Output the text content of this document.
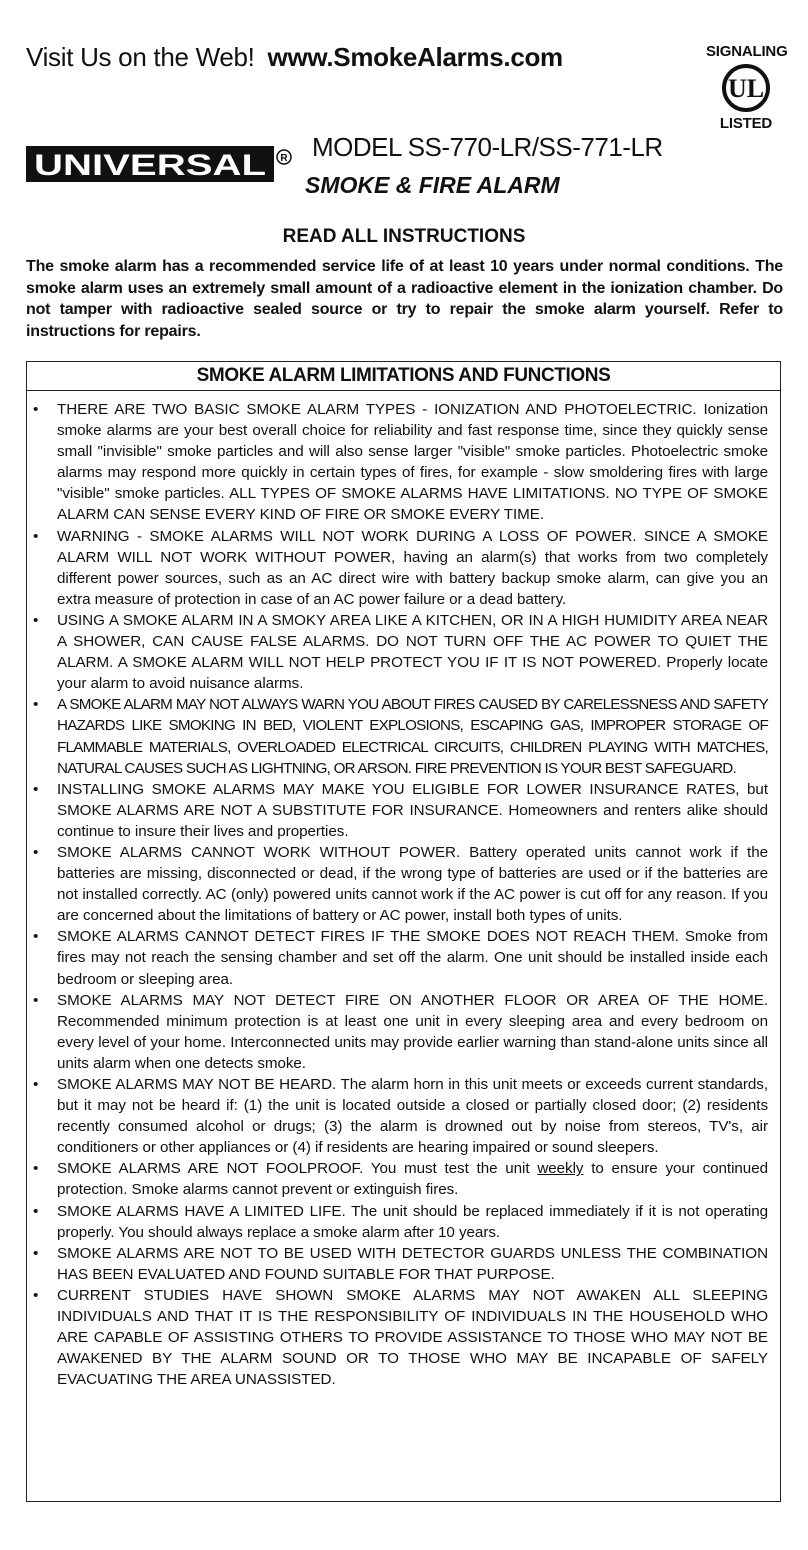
Visit Us on the Web! www.SmokeAlarms.com	SIGNALING
UL
LISTED
UNIVERSAL R MODEL SS-770-LR/SS-771-LR
SMOKE & FIRE ALARM
READ ALL INSTRUCTIONS
The smoke alarm has a recommended service life of at least 10 years under normal conditions. The smoke alarm uses an extremely small amount of a radioactive element in the ionization chamber. Do not tamper with radioactive sealed source or try to repair the smoke alarm yourself. Refer to instructions for repairs.
SMOKE ALARM LIMITATIONS AND FUNCTIONS
• THERE ARE TWO BASIC SMOKE ALARM TYPES - IONIZATION AND PHOTOELECTRIC. Ionization smoke alarms are your best overall choice for reliability and fast response time, since they quickly sense small "invisible" smoke particles and will also sense larger "visible" smoke particles. Photoelectric smoke alarms may respond more quickly in certain types of fires, for example - slow smoldering fires with large "visible" smoke particles. ALL TYPES OF SMOKE ALARMS HAVE LIMITATIONS. NO TYPE OF SMOKE ALARM CAN SENSE EVERY KIND OF FIRE OR SMOKE EVERY TIME.
• WARNING - SMOKE ALARMS WILL NOT WORK DURING A LOSS OF POWER. SINCE A SMOKE ALARM WILL NOT WORK WITHOUT POWER, having an alarm(s) that works from two completely different power sources, such as an AC direct wire with battery backup smoke alarm, can give you an extra measure of protection in case of an AC power failure or a dead battery.
• USING A SMOKE ALARM IN A SMOKY AREA LIKE A KITCHEN, OR IN A HIGH HUMIDITY AREA NEAR A SHOWER, CAN CAUSE FALSE ALARMS. DO NOT TURN OFF THE AC POWER TO QUIET THE ALARM. A SMOKE ALARM WILL NOT HELP PROTECT YOU IF IT IS NOT POWERED. Properly locate your alarm to avoid nuisance alarms.
• A SMOKE ALARM MAY NOT ALWAYS WARN YOU ABOUT FIRES CAUSED BY CARELESSNESS AND SAFETY HAZARDS LIKE SMOKING IN BED, VIOLENT EXPLOSIONS, ESCAPING GAS, IMPROPER STORAGE OF FLAMMABLE MATERIALS, OVERLOADED ELECTRICAL CIRCUITS, CHILDREN PLAYING WITH MATCHES, NATURAL CAUSES SUCH AS LIGHTNING, OR ARSON. FIRE PREVENTION IS YOUR BEST SAFEGUARD.
• INSTALLING SMOKE ALARMS MAY MAKE YOU ELIGIBLE FOR LOWER INSURANCE RATES, but SMOKE ALARMS ARE NOT A SUBSTITUTE FOR INSURANCE. Homeowners and renters alike should continue to insure their lives and properties.
• SMOKE ALARMS CANNOT WORK WITHOUT POWER. Battery operated units cannot work if the batteries are missing, disconnected or dead, if the wrong type of batteries are used or if the batteries are not installed correctly. AC (only) powered units cannot work if the AC power is cut off for any reason. If you are concerned about the limitations of battery or AC power, install both types of units.
• SMOKE ALARMS CANNOT DETECT FIRES IF THE SMOKE DOES NOT REACH THEM. Smoke from fires may not reach the sensing chamber and set off the alarm. One unit should be installed inside each bedroom or sleeping area.
• SMOKE ALARMS MAY NOT DETECT FIRE ON ANOTHER FLOOR OR AREA OF THE HOME. Recommended minimum protection is at least one unit in every sleeping area and every bedroom on every level of your home. Interconnected units may provide earlier warning than stand-alone units since all units alarm when one detects smoke.
• SMOKE ALARMS MAY NOT BE HEARD. The alarm horn in this unit meets or exceeds current standards, but it may not be heard if: (1) the unit is located outside a closed or partially closed door; (2) residents recently consumed alcohol or drugs; (3) the alarm is drowned out by noise from stereos, TV's, air conditioners or other appliances or (4) if residents are hearing impaired or sound sleepers.
• SMOKE ALARMS ARE NOT FOOLPROOF. You must test the unit weekly to ensure your continued protection. Smoke alarms cannot prevent or extinguish fires.
• SMOKE ALARMS HAVE A LIMITED LIFE. The unit should be replaced immediately if it is not operating properly. You should always replace a smoke alarm after 10 years.
• SMOKE ALARMS ARE NOT TO BE USED WITH DETECTOR GUARDS UNLESS THE COMBINATION HAS BEEN EVALUATED AND FOUND SUITABLE FOR THAT PURPOSE.
• CURRENT STUDIES HAVE SHOWN SMOKE ALARMS MAY NOT AWAKEN ALL SLEEPING INDIVIDUALS AND THAT IT IS THE RESPONSIBILITY OF INDIVIDUALS IN THE HOUSEHOLD WHO ARE CAPABLE OF ASSISTING OTHERS TO PROVIDE ASSISTANCE TO THOSE WHO MAY NOT BE AWAKENED BY THE ALARM SOUND OR TO THOSE WHO MAY BE INCAPABLE OF SAFELY EVACUATING THE AREA UNASSISTED.
